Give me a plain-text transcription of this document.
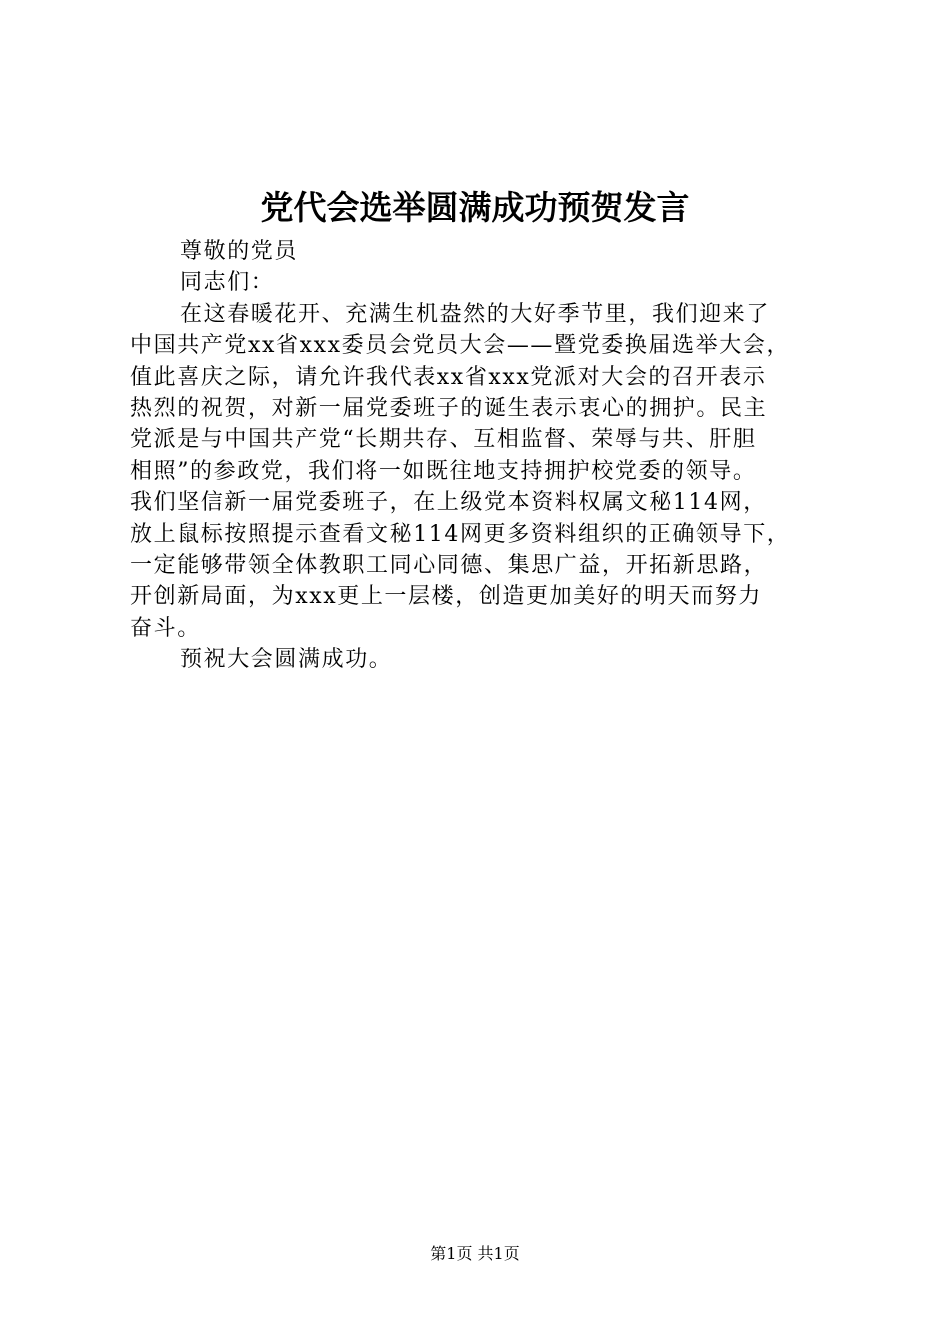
党代会选举圆满成功预贺发言
尊敬的党员
同志们：
在这春暖花开、充满生机盎然的大好季节里，我们迎来了
中国共产党xx省xxx委员会党员大会——暨党委换届选举大会，
值此喜庆之际，请允许我代表xx省xxx党派对大会的召开表示
热烈的祝贺，对新一届党委班子的诞生表示衷心的拥护。民主
党派是与中国共产党“长期共存、互相监督、荣辱与共、肝胆
相照”的参政党，我们将一如既往地支持拥护校党委的领导。
我们坚信新一届党委班子，在上级党本资料权属文秘114网，
放上鼠标按照提示查看文秘114网更多资料组织的正确领导下，
一定能够带领全体教职工同心同德、集思广益，开拓新思路，
开创新局面，为xxx更上一层楼，创造更加美好的明天而努力
奋斗。
预祝大会圆满成功。
第1页 共1页
